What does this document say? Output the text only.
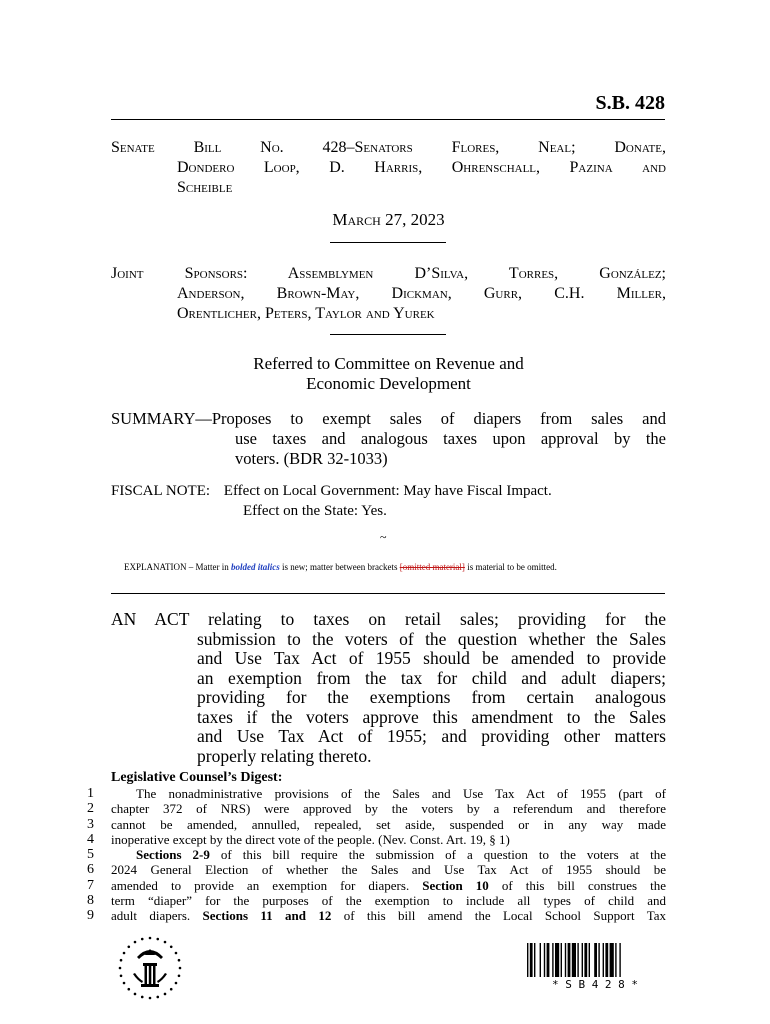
S.B. 428
Senate Bill No. 428–Senators Flores, Neal; Donate,
Dondero Loop, D. Harris, Ohrenschall, Pazina and
Scheible
March 27, 2023
Joint Sponsors: Assemblymen D’Silva, Torres, González;
Anderson, Brown-May, Dickman, Gurr, C.H. Miller,
Orentlicher, Peters, Taylor and Yurek
Referred to Committee on Revenue and
Economic Development
SUMMARY—Proposes to exempt sales of diapers from sales and
use taxes and analogous taxes upon approval by the
voters. (BDR 32-1033)
FISCAL NOTE: Effect on Local Government: May have Fiscal Impact.
Effect on the State: Yes.
~
EXPLANATION – Matter in bolded italics is new; matter between brackets [omitted material] is material to be omitted.
AN ACT relating to taxes on retail sales; providing for the
submission to the voters of the question whether the Sales
and Use Tax Act of 1955 should be amended to provide
an exemption from the tax for child and adult diapers;
providing for the exemptions from certain analogous
taxes if the voters approve this amendment to the Sales
and Use Tax Act of 1955; and providing other matters
properly relating thereto.
Legislative Counsel’s Digest:
1
2
3
4
5
6
7
8
9
The nonadministrative provisions of the Sales and Use Tax Act of 1955 (part of
chapter 372 of NRS) were approved by the voters by a referendum and therefore
cannot be amended, annulled, repealed, set aside, suspended or in any way made
inoperative except by the direct vote of the people. (Nev. Const. Art. 19, § 1)
Sections 2-9 of this bill require the submission of a question to the voters at the
2024 General Election of whether the Sales and Use Tax Act of 1955 should be
amended to provide an exemption for diapers. Section 10 of this bill construes the
term “diaper” for the purposes of the exemption to include all types of child and
adult diapers. Sections 11 and 12 of this bill amend the Local School Support Tax
* S B 4 2 8 *
